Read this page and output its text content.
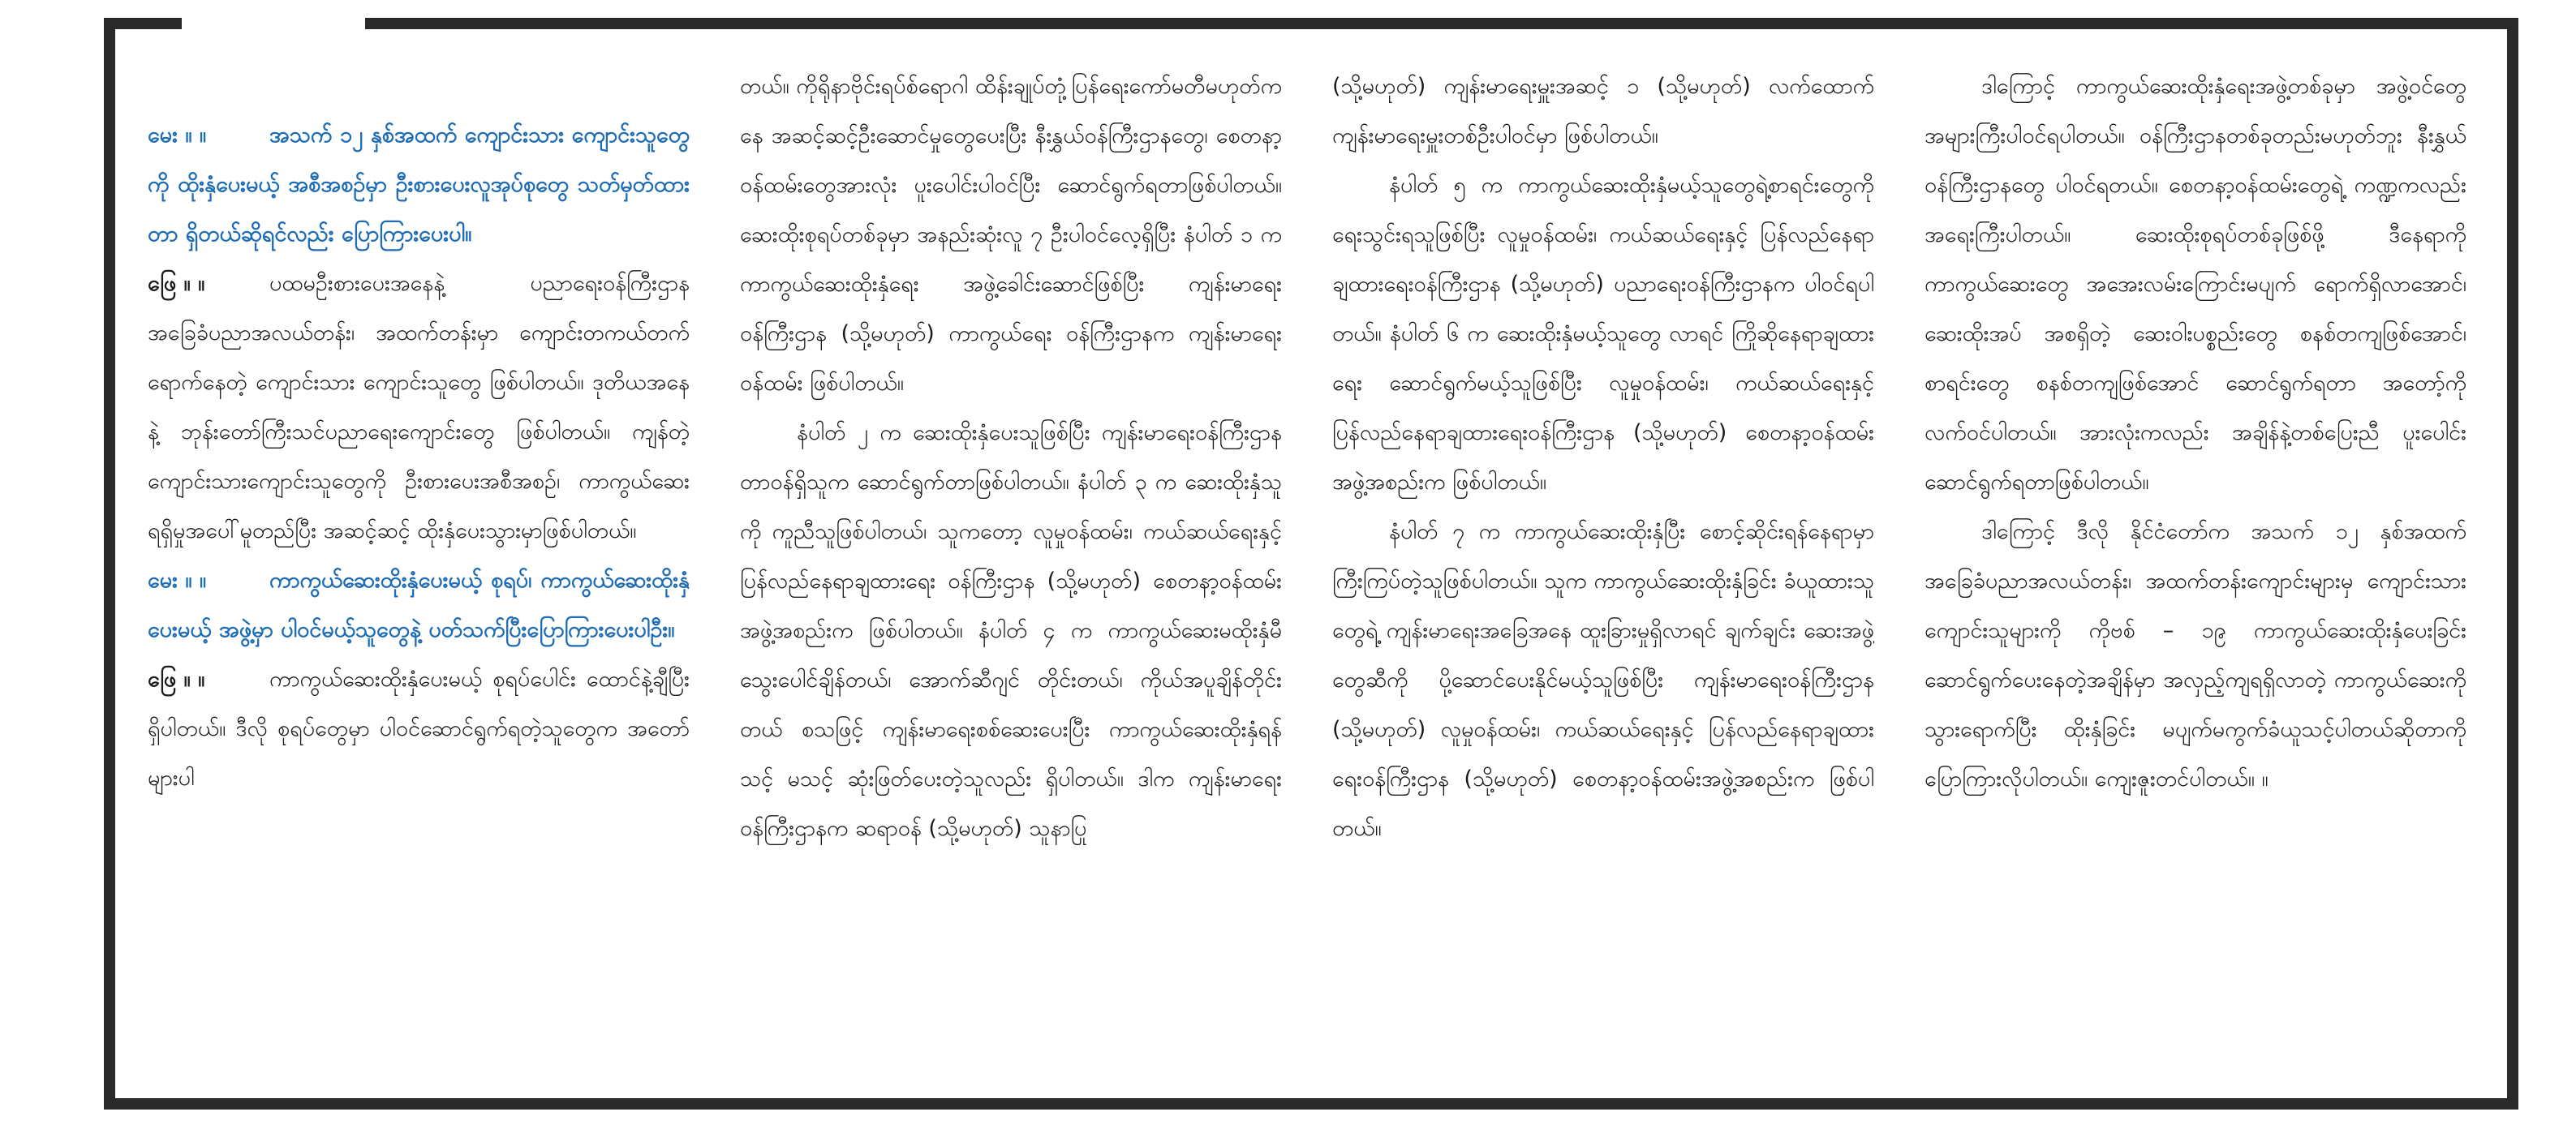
မေး ။ ။	အသက် ၁၂ နှစ်အထက် ကျောင်းသား ကျောင်းသူတွေကို ထိုးနှံပေးမယ့် အစီအစဉ်မှာ ဦးစားပေးလူအုပ်စုတွေ သတ်မှတ်ထားတာ ရှိတယ်ဆိုရင်လည်း ပြောကြားပေးပါ။

ဖြေ ။ ။	ပထမဦးစားပေးအနေနဲ့ ပညာရေးဝန်ကြီးဌာန အခြေခံပညာအလယ်တန်း၊ အထက်တန်းမှာ ကျောင်းတကယ်တက်ရောက်နေတဲ့ ကျောင်းသား ကျောင်းသူတွေ ဖြစ်ပါတယ်။ ဒုတိယအနေနဲ့ ဘုန်းတော်ကြီးသင်ပညာရေးကျောင်းတွေ ဖြစ်ပါတယ်။ ကျန်တဲ့ ကျောင်းသားကျောင်းသူတွေကို ဦးစားပေးအစီအစဉ်၊ ကာကွယ်ဆေးရရှိမှုအပေါ်မူတည်ပြီး အဆင့်ဆင့် ထိုးနှံပေးသွားမှာဖြစ်ပါတယ်။

မေး ။ ။	ကာကွယ်ဆေးထိုးနှံပေးမယ့် စုရပ်၊ ကာကွယ်ဆေးထိုးနှံပေးမယ့် အဖွဲ့မှာ ပါဝင်မယ့်သူတွေနဲ့ ပတ်သက်ပြီးပြောကြားပေးပါဦး။

ဖြေ ။ ။	ကာကွယ်ဆေးထိုးနှံပေးမယ့် စုရပ်ပေါင်း ထောင်နဲ့ချီပြီး ရှိပါတယ်။ ဒီလို စုရပ်တွေမှာ ပါဝင်ဆောင်ရွက်ရတဲ့သူတွေက အတော်များပါ

တယ်။ ကိုရိုနာဗိုင်းရပ်စ်ရောဂါ ထိန်းချုပ်တုံ့ပြန်ရေးကော်မတီမဟုတ်ကနေ အဆင့်ဆင့်ဦးဆောင်မှုတွေပေးပြီး နီးနွှယ်ဝန်ကြီးဌာနတွေ၊ စေတနာ့ ဝန်ထမ်းတွေအားလုံး ပူးပေါင်းပါဝင်ပြီး ဆောင်ရွက်ရတာဖြစ်ပါတယ်။ ဆေးထိုးစုရပ်တစ်ခုမှာ အနည်းဆုံးလူ ၇ ဦးပါဝင်လေ့ရှိပြီး နံပါတ် ၁ က ကာကွယ်ဆေးထိုးနှံရေး အဖွဲ့ခေါင်းဆောင်ဖြစ်ပြီး ကျန်းမာရေးဝန်ကြီးဌာန (သို့မဟုတ်) ကာကွယ်ရေး ဝန်ကြီးဌာနက ကျန်းမာရေးဝန်ထမ်း ဖြစ်ပါတယ်။

နံပါတ် ၂ က ဆေးထိုးနှံပေးသူဖြစ်ပြီး ကျန်းမာရေးဝန်ကြီးဌာန တာဝန်ရှိသူက ဆောင်ရွက်တာဖြစ်ပါတယ်။ နံပါတ် ၃ က ဆေးထိုးနှံသူကို ကူညီသူဖြစ်ပါတယ်၊ သူကတော့ လူမှုဝန်ထမ်း၊ ကယ်ဆယ်ရေးနှင့် ပြန်လည်နေရာချထားရေး ဝန်ကြီးဌာန (သို့မဟုတ်) စေတနာ့ဝန်ထမ်းအဖွဲ့အစည်းက ဖြစ်ပါတယ်။ နံပါတ် ၄ က ကာကွယ်ဆေးမထိုးနှံမီ သွေးပေါင်ချိန်တယ်၊ အောက်ဆီဂျင် တိုင်းတယ်၊ ကိုယ်အပူချိန်တိုင်းတယ် စသဖြင့် ကျန်းမာရေးစစ်ဆေးပေးပြီး ကာကွယ်ဆေးထိုးနှံရန် သင့် မသင့် ဆုံးဖြတ်ပေးတဲ့သူလည်း ရှိပါတယ်။ ဒါက ကျန်းမာရေးဝန်ကြီးဌာနက ဆရာဝန် (သို့မဟုတ်) သူနာပြု

(သို့မဟုတ်) ကျန်းမာရေးမှူးအဆင့် ၁ (သို့မဟုတ်) လက်ထောက်ကျန်းမာရေးမှူးတစ်ဦးပါဝင်မှာ ဖြစ်ပါတယ်။

နံပါတ် ၅ က ကာကွယ်ဆေးထိုးနှံမယ့်သူတွေရဲ့စာရင်းတွေကို ရေးသွင်းရသူဖြစ်ပြီး လူမှုဝန်ထမ်း၊ ကယ်ဆယ်ရေးနှင့် ပြန်လည်နေရာချထားရေးဝန်ကြီးဌာန (သို့မဟုတ်) ပညာရေးဝန်ကြီးဌာနက ပါဝင်ရပါတယ်။ နံပါတ် ၆ က ဆေးထိုးနှံမယ့်သူတွေ လာရင် ကြိုဆိုနေရာချထားရေး ဆောင်ရွက်မယ့်သူဖြစ်ပြီး လူမှုဝန်ထမ်း၊ ကယ်ဆယ်ရေးနှင့် ပြန်လည်နေရာချထားရေးဝန်ကြီးဌာန (သို့မဟုတ်) စေတနာ့ဝန်ထမ်းအဖွဲ့အစည်းက ဖြစ်ပါတယ်။

နံပါတ် ၇ က ကာကွယ်ဆေးထိုးနှံပြီး စောင့်ဆိုင်းရန်နေရာမှာ ကြီးကြပ်တဲ့သူဖြစ်ပါတယ်။ သူက ကာကွယ်ဆေးထိုးနှံခြင်း ခံယူထားသူတွေရဲ့ ကျန်းမာရေးအခြေအနေ ထူးခြားမှုရှိလာရင် ချက်ချင်း ဆေးအဖွဲ့တွေဆီကို ပို့ဆောင်ပေးနိုင်မယ့်သူဖြစ်ပြီး ကျန်းမာရေးဝန်ကြီးဌာန (သို့မဟုတ်) လူမှုဝန်ထမ်း၊ ကယ်ဆယ်ရေးနှင့် ပြန်လည်နေရာချထားရေးဝန်ကြီးဌာန (သို့မဟုတ်) စေတနာ့ဝန်ထမ်းအဖွဲ့အစည်းက ဖြစ်ပါတယ်။

ဒါကြောင့် ကာကွယ်ဆေးထိုးနှံရေးအဖွဲ့တစ်ခုမှာ အဖွဲ့ဝင်တွေ အများကြီးပါဝင်ရပါတယ်။ ဝန်ကြီးဌာနတစ်ခုတည်းမဟုတ်ဘူး နီးနွှယ်ဝန်ကြီးဌာနတွေ ပါဝင်ရတယ်။ စေတနာ့ဝန်ထမ်းတွေရဲ့ ကဏ္ဍကလည်း အရေးကြီးပါတယ်။ ဆေးထိုးစုရပ်တစ်ခုဖြစ်ဖို့ ဒီနေရာကို ကာကွယ်ဆေးတွေ အအေးလမ်းကြောင်းမပျက် ရောက်ရှိလာအောင်၊ ဆေးထိုးအပ် အစရှိတဲ့ ဆေးဝါးပစ္စည်းတွေ စနစ်တကျဖြစ်အောင်၊ စာရင်းတွေ စနစ်တကျဖြစ်အောင် ဆောင်ရွက်ရတာ အတော့်ကို လက်ဝင်ပါတယ်။ အားလုံးကလည်း အချိန်နဲ့တစ်ပြေးညီ ပူးပေါင်းဆောင်ရွက်ရတာဖြစ်ပါတယ်။

ဒါကြောင့် ဒီလို နိုင်ငံတော်က အသက် ၁၂ နှစ်အထက် အခြေခံပညာအလယ်တန်း၊ အထက်တန်းကျောင်းများမှ ကျောင်းသား ကျောင်းသူများကို ကိုဗစ် – ၁၉ ကာကွယ်ဆေးထိုးနှံပေးခြင်း ဆောင်ရွက်ပေးနေတဲ့အချိန်မှာ အလှည့်ကျရရှိလာတဲ့ ကာကွယ်ဆေးကို သွားရောက်ပြီး ထိုးနှံခြင်း မပျက်မကွက်ခံယူသင့်ပါတယ်ဆိုတာကို ပြောကြားလိုပါတယ်။ ကျေးဇူးတင်ပါတယ်။ ။
